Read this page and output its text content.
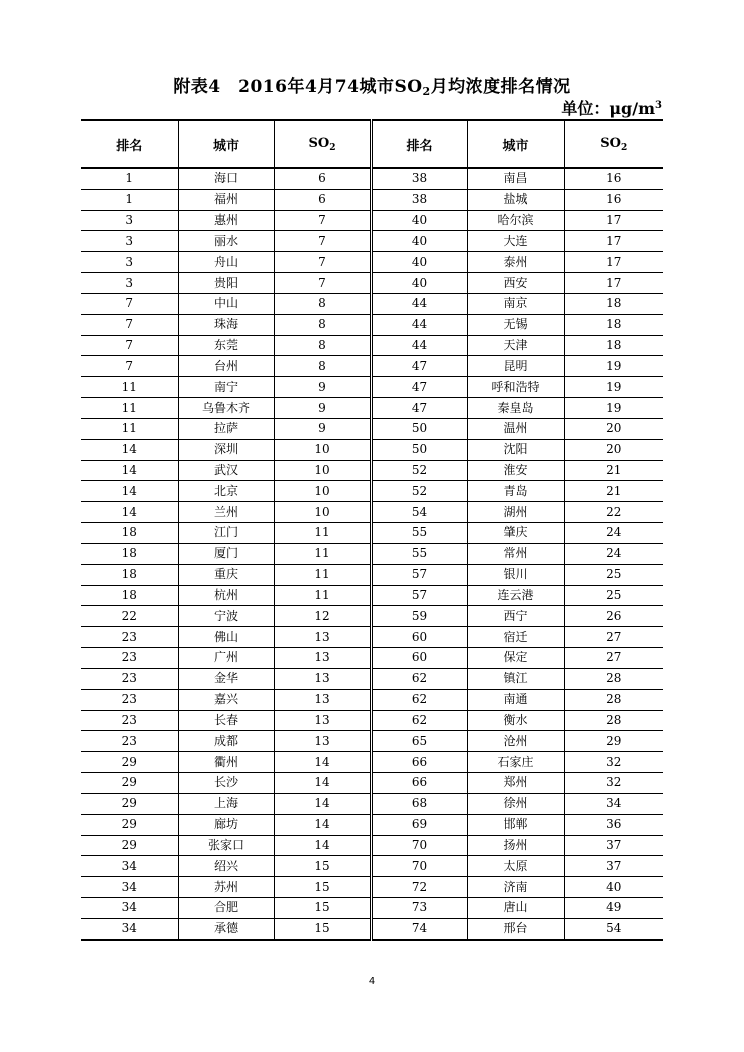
附表4　2016年4月74城市$SO_2$月均浓度排名情况
单位：$\mu g/m^3$
排名	城市	$SO_2$	排名	城市	$SO_2$
1	海口	6	38	南昌	16
1	福州	6	38	盐城	16
3	惠州	7	40	哈尔滨	17
3	丽水	7	40	大连	17
3	舟山	7	40	泰州	17
3	贵阳	7	40	西安	17
7	中山	8	44	南京	18
7	珠海	8	44	无锡	18
7	东莞	8	44	天津	18
7	台州	8	47	昆明	19
11	南宁	9	47	呼和浩特	19
11	乌鲁木齐	9	47	秦皇岛	19
11	拉萨	9	50	温州	20
14	深圳	10	50	沈阳	20
14	武汉	10	52	淮安	21
14	北京	10	52	青岛	21
14	兰州	10	54	湖州	22
18	江门	11	55	肇庆	24
18	厦门	11	55	常州	24
18	重庆	11	57	银川	25
18	杭州	11	57	连云港	25
22	宁波	12	59	西宁	26
23	佛山	13	60	宿迁	27
23	广州	13	60	保定	27
23	金华	13	62	镇江	28
23	嘉兴	13	62	南通	28
23	长春	13	62	衡水	28
23	成都	13	65	沧州	29
29	衢州	14	66	石家庄	32
29	长沙	14	66	郑州	32
29	上海	14	68	徐州	34
29	廊坊	14	69	邯郸	36
29	张家口	14	70	扬州	37
34	绍兴	15	70	太原	37
34	苏州	15	72	济南	40
34	合肥	15	73	唐山	49
34	承德	15	74	邢台	54
4
